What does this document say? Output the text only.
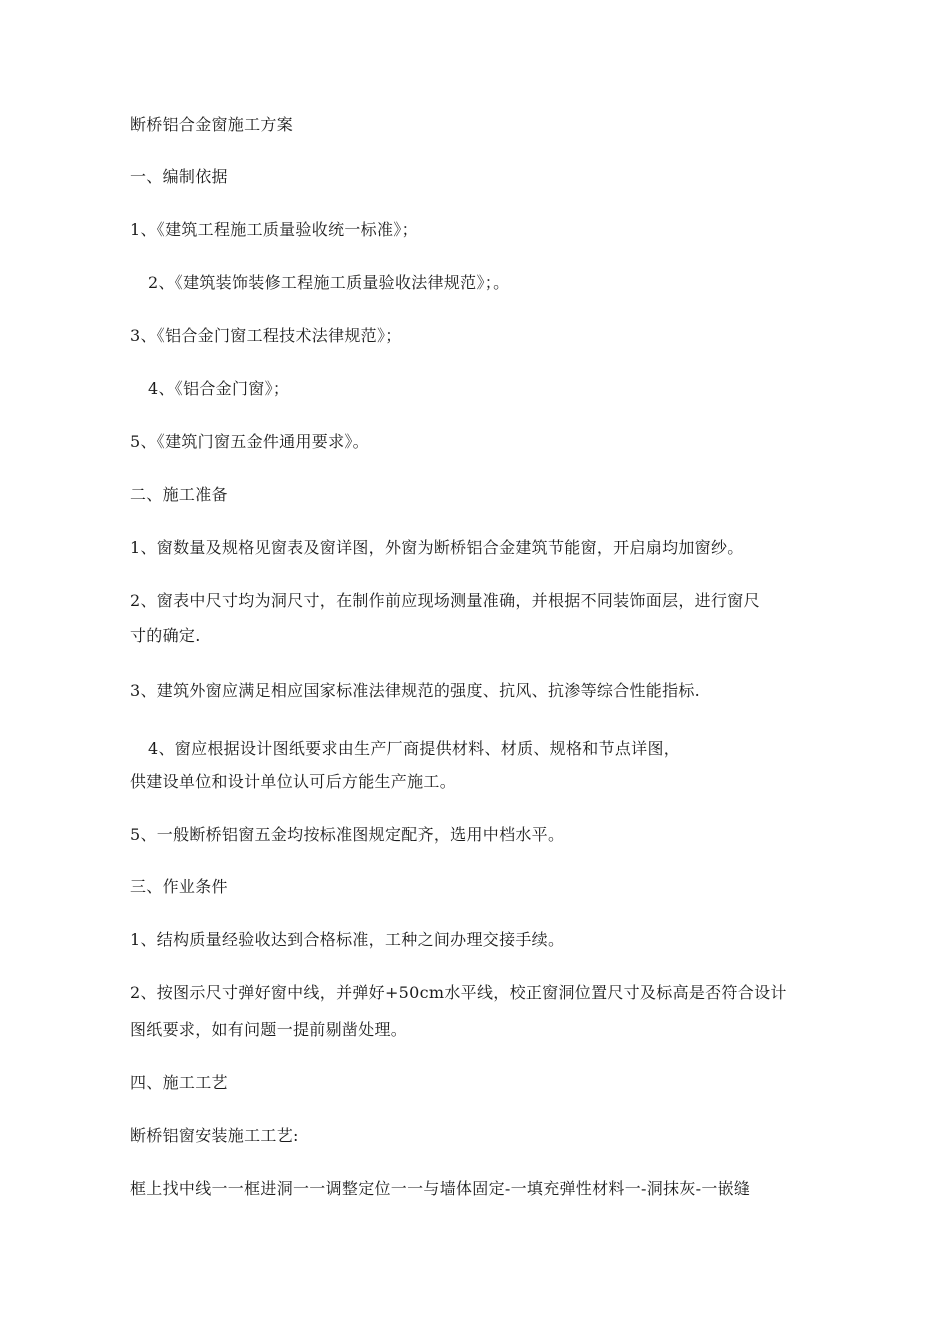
断桥铝合金窗施工方案
一、编制依据
1、《建筑工程施工质量验收统一标准》；
2、《建筑装饰装修工程施工质量验收法律规范》；。
3、《铝合金门窗工程技术法律规范》；
4、《铝合金门窗》；
5、《建筑门窗五金件通用要求》。
二、施工准备
1、窗数量及规格见窗表及窗详图，外窗为断桥铝合金建筑节能窗，开启扇均加窗纱。
2、窗表中尺寸均为洞尺寸，在制作前应现场测量准确，并根据不同装饰面层，进行窗尺
寸的确定.
3、建筑外窗应满足相应国家标准法律规范的强度、抗风、抗渗等综合性能指标.
4、窗应根据设计图纸要求由生产厂商提供材料、材质、规格和节点详图，
供建设单位和设计单位认可后方能生产施工。
5、一般断桥铝窗五金均按标准图规定配齐，选用中档水平。
三、作业条件
1、结构质量经验收达到合格标准，工种之间办理交接手续。
2、按图示尺寸弹好窗中线，并弹好+50cm水平线，校正窗洞位置尺寸及标高是否符合设计
图纸要求，如有问题一提前剔凿处理。
四、施工工艺
断桥铝窗安装施工工艺:
框上找中线一一框进洞一一调整定位一一与墙体固定-一填充弹性材料一-洞抹灰-一嵌缝
